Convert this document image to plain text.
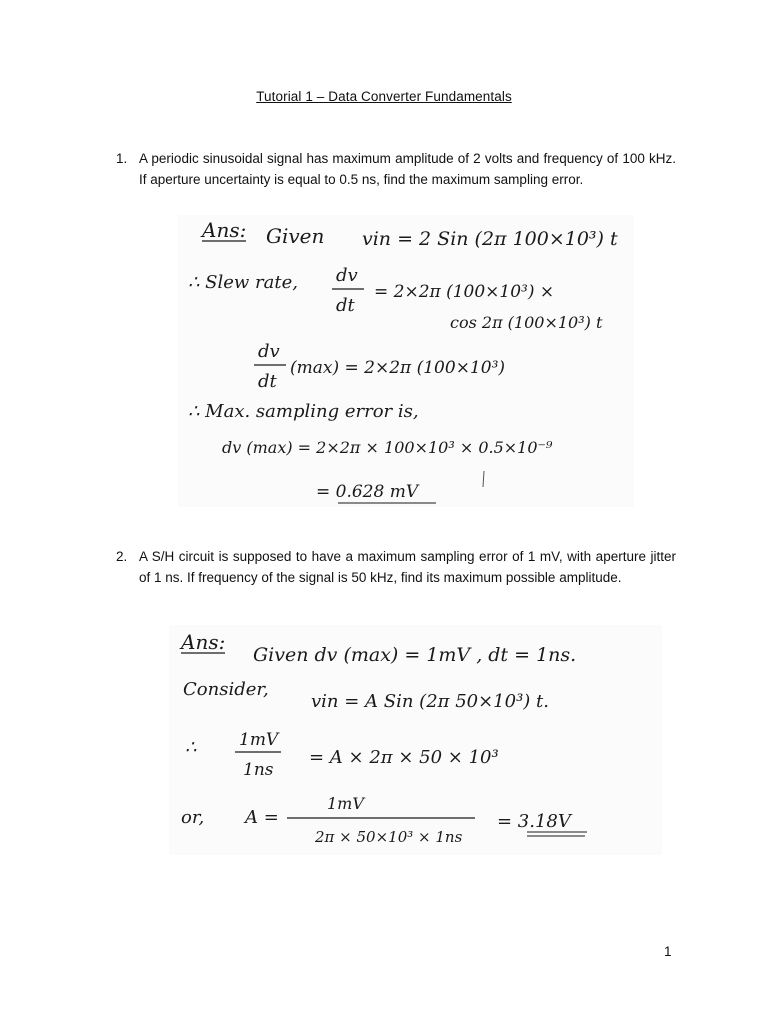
Tutorial 1 – Data Converter Fundamentals
1. A periodic sinusoidal signal has maximum amplitude of 2 volts and frequency of 100 kHz. If aperture uncertainty is equal to 0.5 ns, find the maximum sampling error.
Ans: Given vin = 2 Sin (2π 100×10³) t
∴ Slew rate, dv
dt
= 2×2π (100×10³) ×
cos 2π (100×10³) t
dv
dt
(max) = 2×2π (100×10³)
∴ Max. sampling error is,
dv (max) = 2×2π × 100×10³ × 0.5×10⁻⁹
= 0.628 mV
2. A S/H circuit is supposed to have a maximum sampling error of 1 mV, with aperture jitter of 1 ns. If frequency of the signal is 50 kHz, find its maximum possible amplitude.
Ans:
Given dv (max) = 1mV , dt = 1ns.
Consider,
vin = A Sin (2π 50×10³) t.
∴	1mV
1ns
= A × 2π × 50 × 10³
or, A =
1mV
2π × 50×10³ × 1ns
= 3.18V
1
